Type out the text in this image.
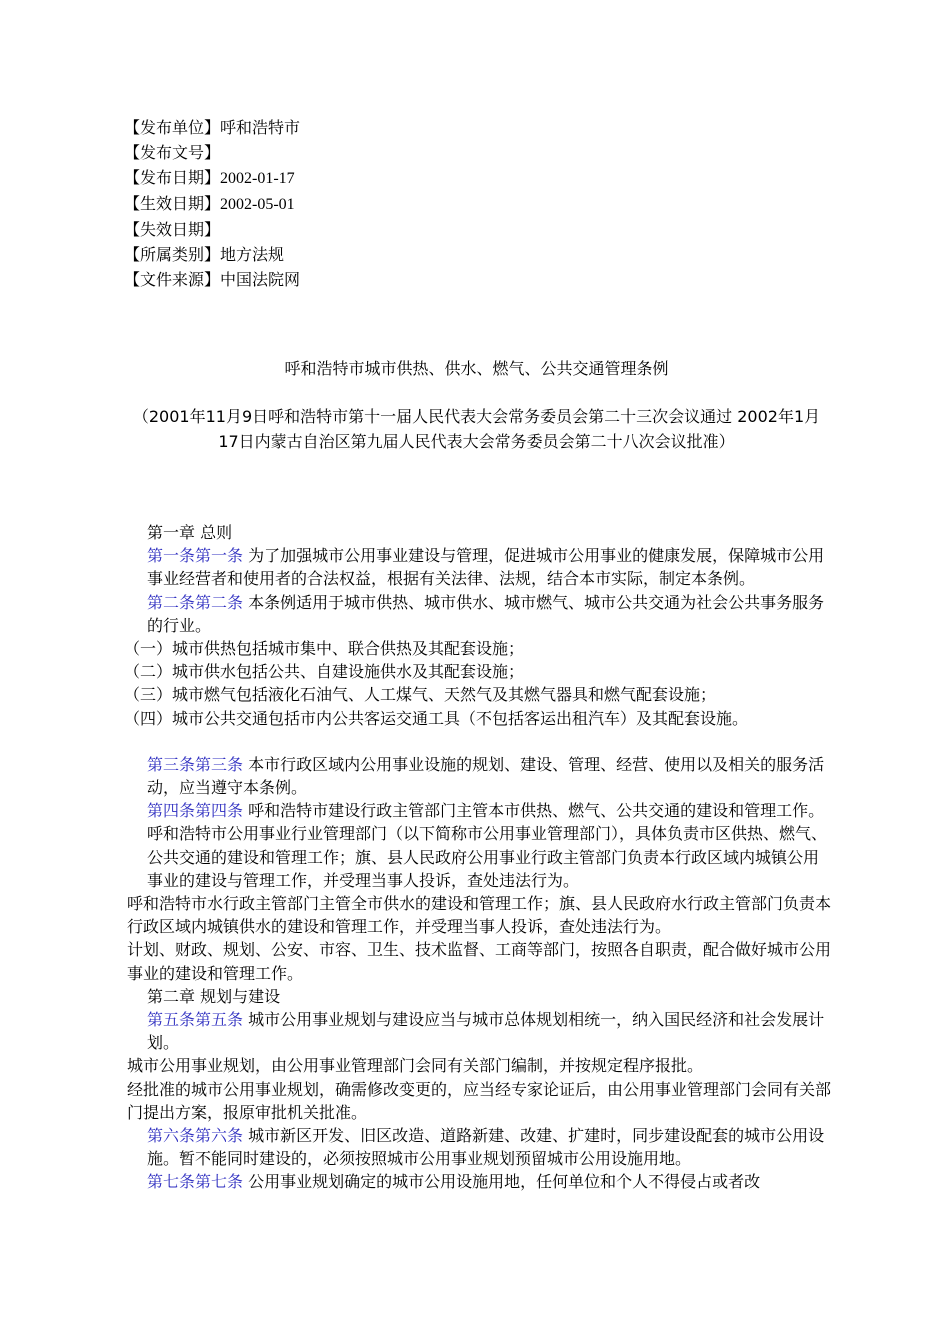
【发布单位】呼和浩特市
【发布文号】
【发布日期】2002-01-17
【生效日期】2002-05-01
【失效日期】
【所属类别】地方法规
【文件来源】中国法院网
呼和浩特市城市供热、供水、燃气、公共交通管理条例
（2001年11月9日呼和浩特市第十一届人民代表大会常务委员会第二十三次会议通过 2002年1月17日内蒙古自治区第九届人民代表大会常务委员会第二十八次会议批准）

第一章 总则

第一条第一条 为了加强城市公用事业建设与管理，促进城市公用事业的健康发展，保障城市公用事业经营者和使用者的合法权益，根据有关法律、法规，结合本市实际，制定本条例。

第二条第二条 本条例适用于城市供热、城市供水、城市燃气、城市公共交通为社会公共事务服务的行业。

（一）城市供热包括城市集中、联合供热及其配套设施；

（二）城市供水包括公共、自建设施供水及其配套设施；

（三）城市燃气包括液化石油气、人工煤气、天然气及其燃气器具和燃气配套设施；

（四）城市公共交通包括市内公共客运交通工具（不包括客运出租汽车）及其配套设施。

第三条第三条 本市行政区域内公用事业设施的规划、建设、管理、经营、使用以及相关的服务活动，应当遵守本条例。

第四条第四条 呼和浩特市建设行政主管部门主管本市供热、燃气、公共交通的建设和管理工作。呼和浩特市公用事业行业管理部门（以下简称市公用事业管理部门），具体负责市区供热、燃气、公共交通的建设和管理工作；旗、县人民政府公用事业行政主管部门负责本行政区域内城镇公用事业的建设与管理工作，并受理当事人投诉，查处违法行为。

呼和浩特市水行政主管部门主管全市供水的建设和管理工作；旗、县人民政府水行政主管部门负责本行政区域内城镇供水的建设和管理工作，并受理当事人投诉，查处违法行为。

计划、财政、规划、公安、市容、卫生、技术监督、工商等部门，按照各自职责，配合做好城市公用事业的建设和管理工作。

第二章 规划与建设

第五条第五条 城市公用事业规划与建设应当与城市总体规划相统一，纳入国民经济和社会发展计划。

城市公用事业规划，由公用事业管理部门会同有关部门编制，并按规定程序报批。

经批准的城市公用事业规划，确需修改变更的，应当经专家论证后，由公用事业管理部门会同有关部门提出方案，报原审批机关批准。

第六条第六条 城市新区开发、旧区改造、道路新建、改建、扩建时，同步建设配套的城市公用设施。暂不能同时建设的，必须按照城市公用事业规划预留城市公用设施用地。

第七条第七条 公用事业规划确定的城市公用设施用地，任何单位和个人不得侵占或者改
